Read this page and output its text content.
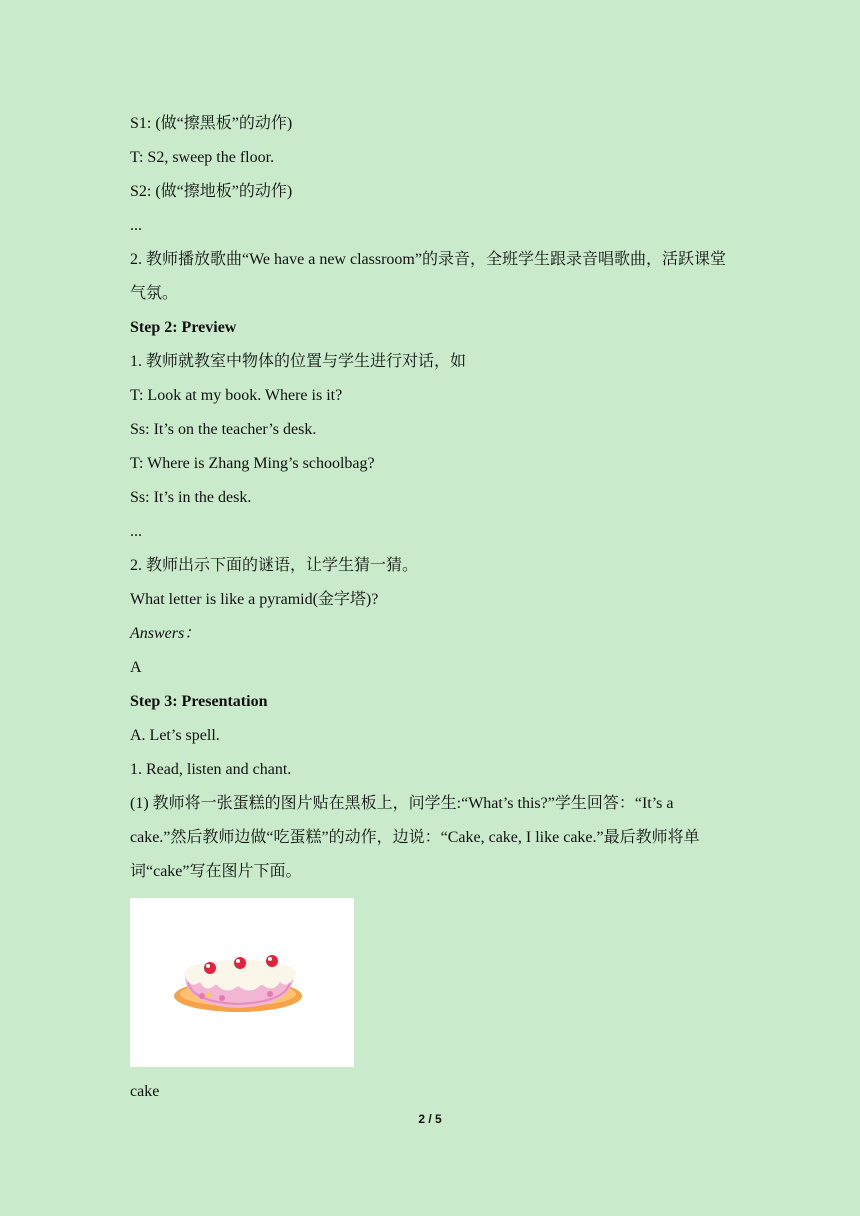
S1: (做“擦黑板”的动作)
T: S2, sweep the floor.
S2: (做“擦地板”的动作)
...
2. 教师播放歌曲“We have a new classroom”的录音，全班学生跟录音唱歌曲，活跃课堂气氛。
Step 2: Preview
1. 教师就教室中物体的位置与学生进行对话，如
T: Look at my book. Where is it?
Ss: It’s on the teacher’s desk.
T: Where is Zhang Ming’s schoolbag?
Ss: It’s in the desk.
...
2. 教师出示下面的谜语，让学生猜一猜。
What letter is like a pyramid(金字塔)?
Answers：
A
Step 3: Presentation
A. Let’s spell.
1. Read, listen and chant.
(1) 教师将一张蛋糕的图片贴在黑板上，问学生:“What’s this?”学生回答：“It’s a cake.”然后教师边做“吃蛋糕”的动作，边说：“Cake, cake, I like cake.”最后教师将单词“cake”写在图片下面。
cake
2 / 5
